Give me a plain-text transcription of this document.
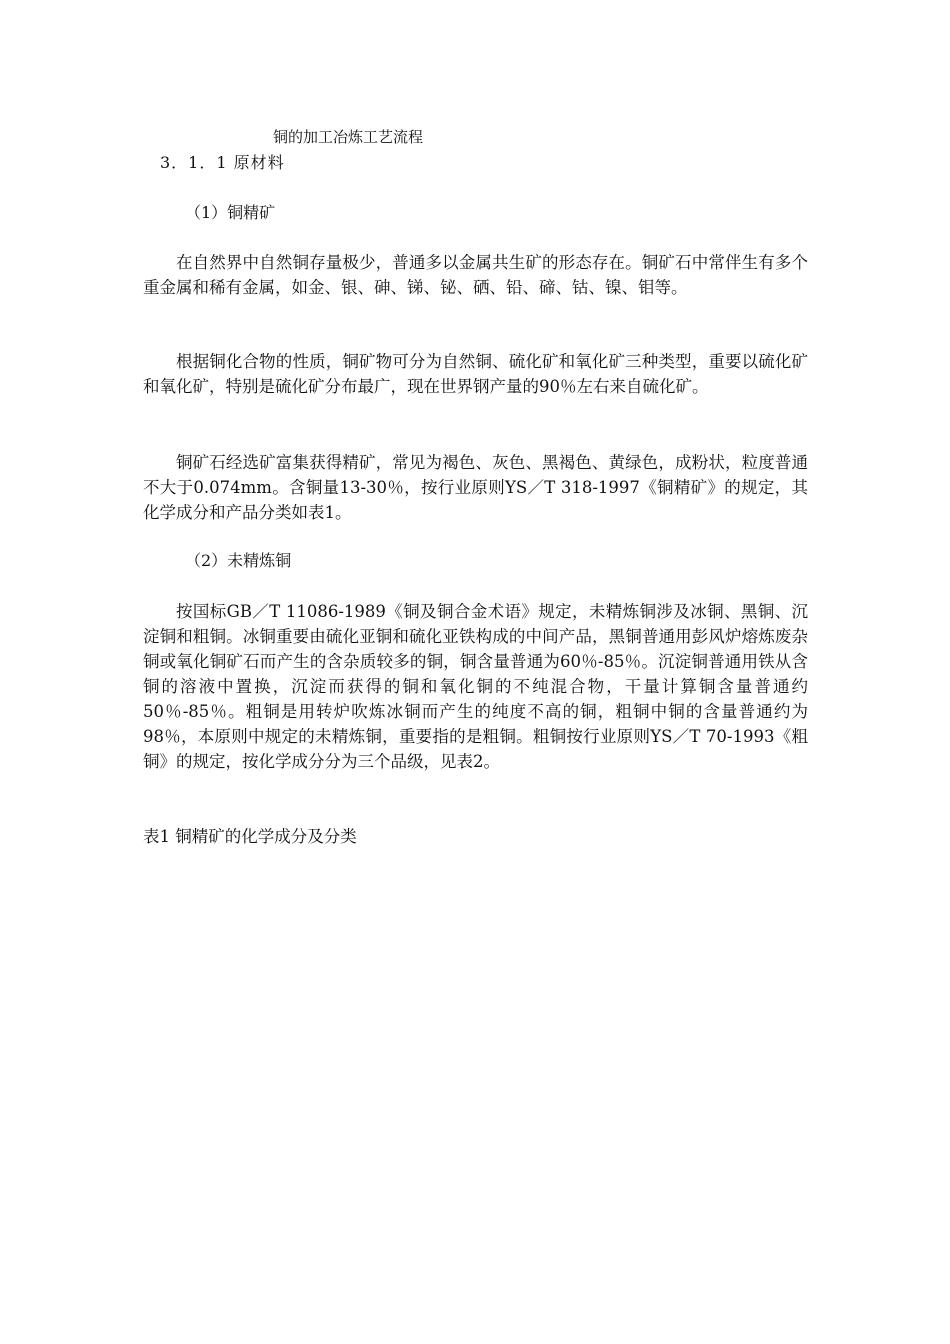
铜的加工冶炼工艺流程
3．1．1 原材料
（1）铜精矿

在自然界中自然铜存量极少，普通多以金属共生矿的形态存在。铜矿石中常伴生有多个重金属和稀有金属，如金、银、砷、锑、铋、硒、铅、碲、钴、镍、钼等。

根据铜化合物的性质，铜矿物可分为自然铜、硫化矿和氧化矿三种类型，重要以硫化矿和氧化矿，特别是硫化矿分布最广，现在世界钢产量的90％左右来自硫化矿。

铜矿石经选矿富集获得精矿，常见为褐色、灰色、黑褐色、黄绿色，成粉状，粒度普通不大于0.074mm。含铜量13-30％，按行业原则YS／T 318-1997《铜精矿》的规定，其化学成分和产品分类如表1。

（2）未精炼铜

按国标GB／T 11086-1989《铜及铜合金术语》规定，未精炼铜涉及冰铜、黑铜、沉淀铜和粗铜。冰铜重要由硫化亚铜和硫化亚铁构成的中间产品，黑铜普通用彭风炉熔炼废杂铜或氧化铜矿石而产生的含杂质较多的铜，铜含量普通为60％-85％。沉淀铜普通用铁从含铜的溶液中置换，沉淀而获得的铜和氧化铜的不纯混合物，干量计算铜含量普通约50％-85％。粗铜是用转炉吹炼冰铜而产生的纯度不高的铜，粗铜中铜的含量普通约为98％，本原则中规定的未精炼铜，重要指的是粗铜。粗铜按行业原则YS／T 70-1993《粗铜》的规定，按化学成分分为三个品级，见表2。

表1 铜精矿的化学成分及分类
